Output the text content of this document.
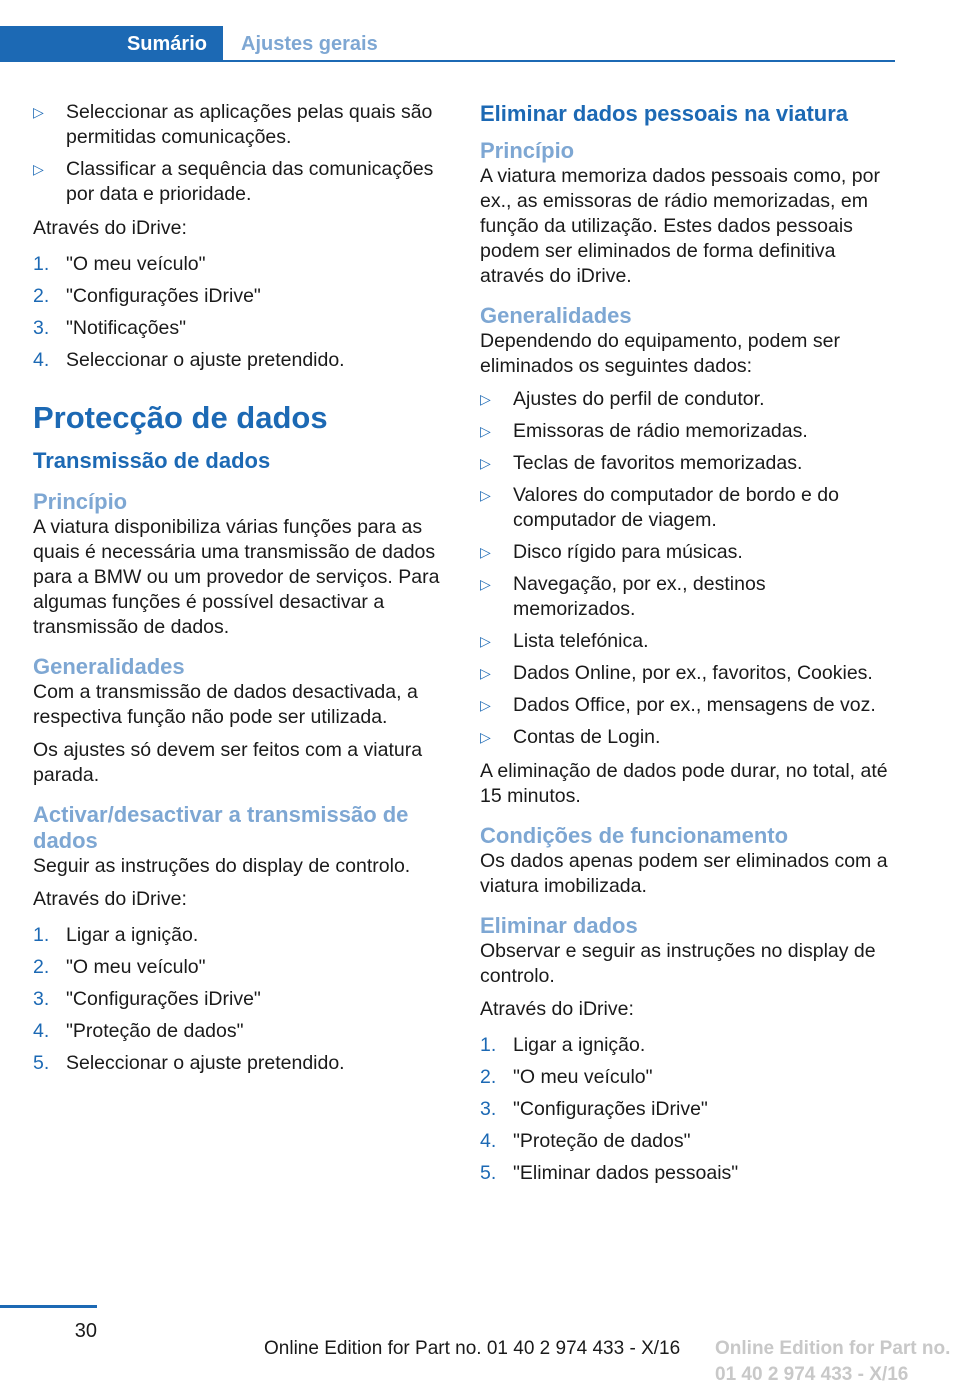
Sumário	Ajustes gerais
▷ Seleccionar as aplicações pelas quais são permitidas comunicações.
▷ Classificar a sequência das comunicações por data e prioridade.

Através do iDrive:

1. "O meu veículo"
2. "Configurações iDrive"
3. "Notificações"
4. Seleccionar o ajuste pretendido.
Protecção de dados
Transmissão de dados
Princípio

A viatura disponibiliza várias funções para as quais é necessária uma transmissão de dados para a BMW ou um provedor de serviços. Para algumas funções é possível desactivar a transmissão de dados.

Generalidades

Com a transmissão de dados desactivada, a respectiva função não pode ser utilizada.

Os ajustes só devem ser feitos com a viatura parada.

Activar/desactivar a transmissão de dados

Seguir as instruções do display de controlo.

Através do iDrive:

1. Ligar a ignição.
2. "O meu veículo"
3. "Configurações iDrive"
4. "Proteção de dados"
5. Seleccionar o ajuste pretendido.
Eliminar dados pessoais na viatura
Princípio

A viatura memoriza dados pessoais como, por ex., as emissoras de rádio memorizadas, em função da utilização. Estes dados pessoais podem ser eliminados de forma definitiva através do iDrive.

Generalidades

Dependendo do equipamento, podem ser eliminados os seguintes dados:

▷ Ajustes do perfil de condutor.
▷ Emissoras de rádio memorizadas.
▷ Teclas de favoritos memorizadas.
▷ Valores do computador de bordo e do computador de viagem.
▷ Disco rígido para músicas.
▷ Navegação, por ex., destinos memorizados.
▷ Lista telefónica.
▷ Dados Online, por ex., favoritos, Cookies.
▷ Dados Office, por ex., mensagens de voz.
▷ Contas de Login.

A eliminação de dados pode durar, no total, até 15 minutos.

Condições de funcionamento

Os dados apenas podem ser eliminados com a viatura imobilizada.

Eliminar dados

Observar e seguir as instruções no display de controlo.

Através do iDrive:

1. Ligar a ignição.
2. "O meu veículo"
3. "Configurações iDrive"
4. "Proteção de dados"
5. "Eliminar dados pessoais"
30
Online Edition for Part no. 01 40 2 974 433 - X/16 Online Edition for Part no. 01 40 2 974 433 - X/16
